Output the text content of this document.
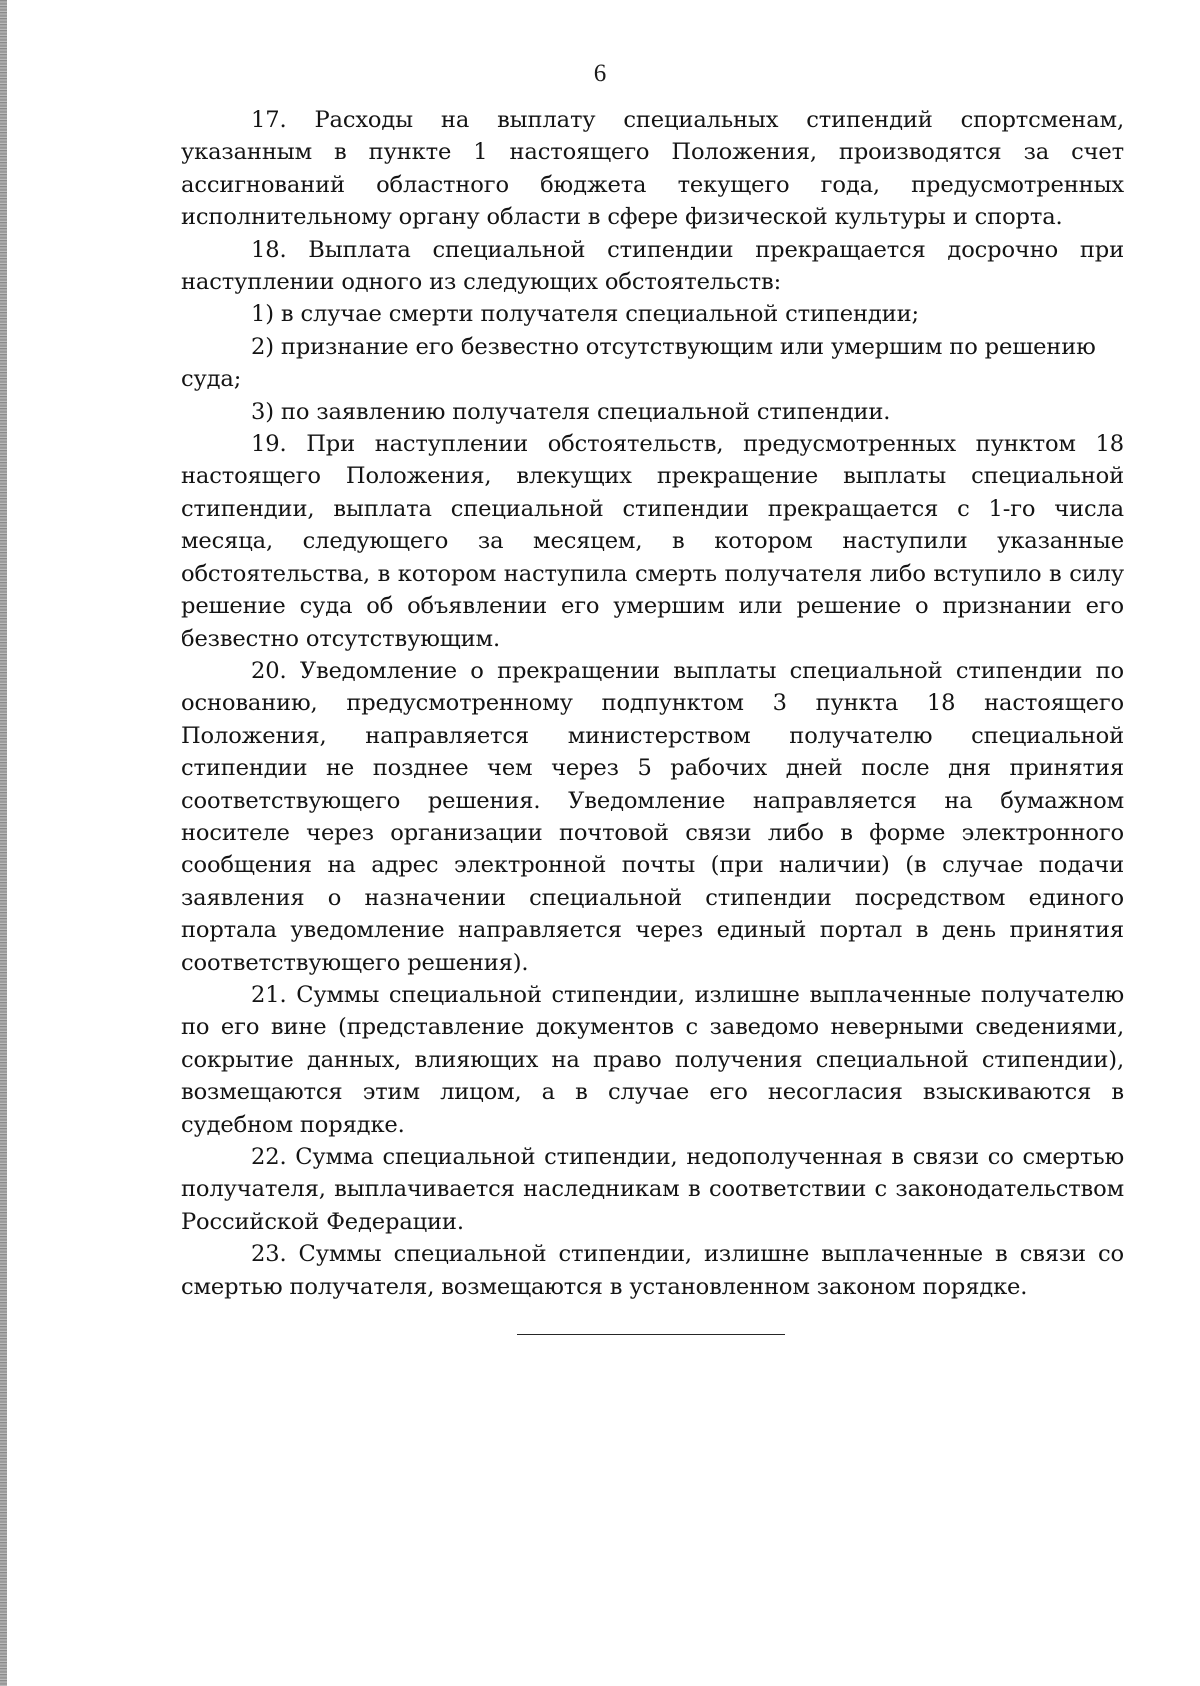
6

17. Расходы на выплату специальных стипендий спортсменам, указанным в пункте 1 настоящего Положения, производятся за счет ассигнований областного бюджета текущего года, предусмотренных исполнительному органу области в сфере физической культуры и спорта.

18. Выплата специальной стипендии прекращается досрочно при наступлении одного из следующих обстоятельств:

1) в случае смерти получателя специальной стипендии;

2) признание его безвестно отсутствующим или умершим по решению суда;

3) по заявлению получателя специальной стипендии.

19. При наступлении обстоятельств, предусмотренных пунктом 18 настоящего Положения, влекущих прекращение выплаты специальной стипендии, выплата специальной стипендии прекращается с 1-го числа месяца, следующего за месяцем, в котором наступили указанные обстоятельства, в котором наступила смерть получателя либо вступило в силу решение суда об объявлении его умершим или решение о признании его безвестно отсутствующим.

20. Уведомление о прекращении выплаты специальной стипендии по основанию, предусмотренному подпунктом 3 пункта 18 настоящего Положения, направляется министерством получателю специальной стипендии не позднее чем через 5 рабочих дней после дня принятия соответствующего решения. Уведомление направляется на бумажном носителе через организации почтовой связи либо в форме электронного сообщения на адрес электронной почты (при наличии) (в случае подачи заявления о назначении специальной стипендии посредством единого портала уведомление направляется через единый портал в день принятия соответствующего решения).

21. Суммы специальной стипендии, излишне выплаченные получателю по его вине (представление документов с заведомо неверными сведениями, сокрытие данных, влияющих на право получения специальной стипендии), возмещаются этим лицом, а в случае его несогласия взыскиваются в судебном порядке.

22. Сумма специальной стипендии, недополученная в связи со смертью получателя, выплачивается наследникам в соответствии с законодательством Российской Федерации.

23. Суммы специальной стипендии, излишне выплаченные в связи со смертью получателя, возмещаются в установленном законом порядке.
